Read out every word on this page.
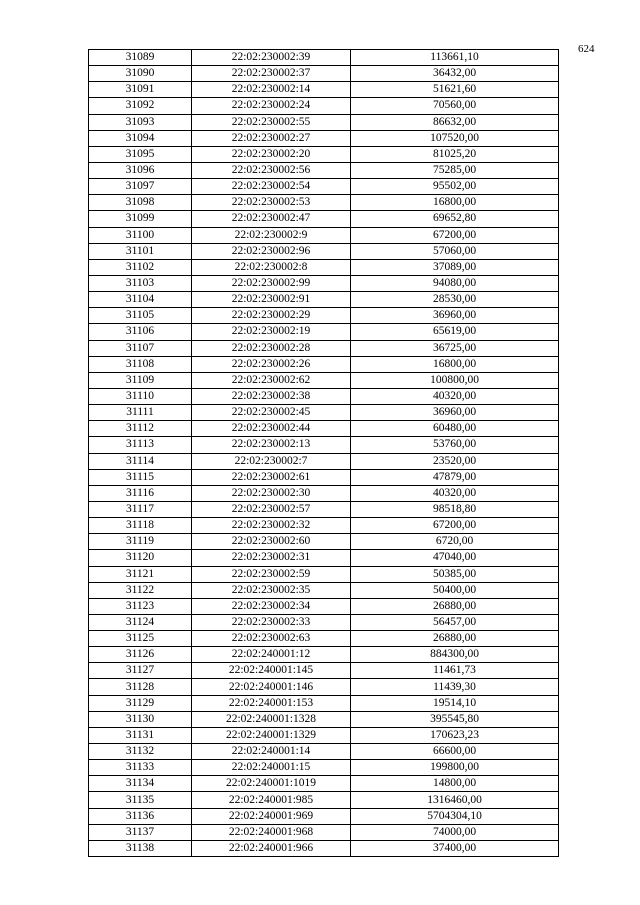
624
31089	22:02:230002:39	113661,10
31090	22:02:230002:37	36432,00
31091	22:02:230002:14	51621,60
31092	22:02:230002:24	70560,00
31093	22:02:230002:55	86632,00
31094	22:02:230002:27	107520,00
31095	22:02:230002:20	81025,20
31096	22:02:230002:56	75285,00
31097	22:02:230002:54	95502,00
31098	22:02:230002:53	16800,00
31099	22:02:230002:47	69652,80
31100	22:02:230002:9	67200,00
31101	22:02:230002:96	57060,00
31102	22:02:230002:8	37089,00
31103	22:02:230002:99	94080,00
31104	22:02:230002:91	28530,00
31105	22:02:230002:29	36960,00
31106	22:02:230002:19	65619,00
31107	22:02:230002:28	36725,00
31108	22:02:230002:26	16800,00
31109	22:02:230002:62	100800,00
31110	22:02:230002:38	40320,00
31111	22:02:230002:45	36960,00
31112	22:02:230002:44	60480,00
31113	22:02:230002:13	53760,00
31114	22:02:230002:7	23520,00
31115	22:02:230002:61	47879,00
31116	22:02:230002:30	40320,00
31117	22:02:230002:57	98518,80
31118	22:02:230002:32	67200,00
31119	22:02:230002:60	6720,00
31120	22:02:230002:31	47040,00
31121	22:02:230002:59	50385,00
31122	22:02:230002:35	50400,00
31123	22:02:230002:34	26880,00
31124	22:02:230002:33	56457,00
31125	22:02:230002:63	26880,00
31126	22:02:240001:12	884300,00
31127	22:02:240001:145	11461,73
31128	22:02:240001:146	11439,30
31129	22:02:240001:153	19514,10
31130	22:02:240001:1328	395545,80
31131	22:02:240001:1329	170623,23
31132	22:02:240001:14	66600,00
31133	22:02:240001:15	199800,00
31134	22:02:240001:1019	14800,00
31135	22:02:240001:985	1316460,00
31136	22:02:240001:969	5704304,10
31137	22:02:240001:968	74000,00
31138	22:02:240001:966	37400,00
